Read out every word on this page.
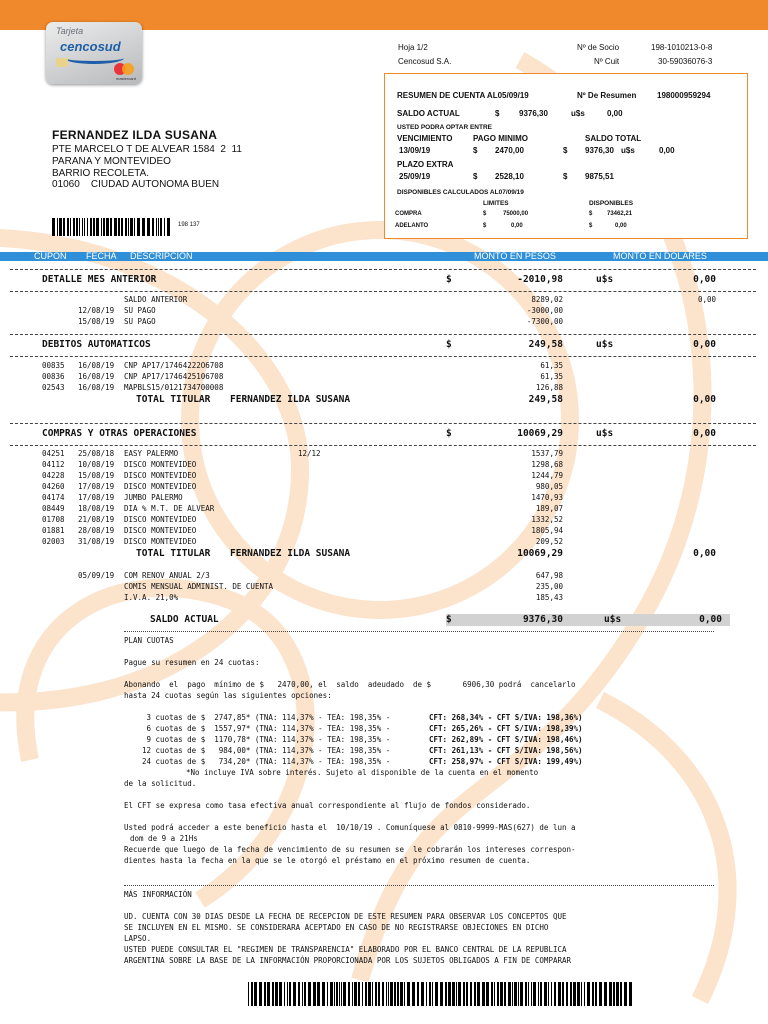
Tarjeta
cencosud
mastercard
Hoja 1/2
Cencosud S.A.
Nº de Socio	198-1010213-0-8
Nº Cuit	30-59036076-3
FERNANDEZ ILDA SUSANA
PTE MARCELO T DE ALVEAR 1584  2  11
PARANA Y MONTEVIDEO
BARRIO RECOLETA.
01060    CIUDAD AUTONOMA BUEN
198 137
RESUMEN DE CUENTA AL05/09/19	Nº De Resumen	198000959294
SALDO ACTUAL	$ 9376,30	u$s	0,00
USTED PODRA OPTAR ENTRE
VENCIMIENTO	PAGO MINIMO	SALDO TOTAL
13/09/19	$ 2470,00	$ 9376,30 u$s	0,00
PLAZO EXTRA
25/09/19	$ 2528,10	$ 9875,51
DISPONIBLES CALCULADOS AL07/09/19
LIMITES	DISPONIBLES
COMPRA	$	75000,00	$ 73462,21
ADELANTO	$	0,00	$	0,00
CUPON FECHA DESCRIPCION	MONTO EN PESOS	MONTO EN DOLARES
DETALLE MES ANTERIOR	$	-2010,98	u$s	0,00
SALDO ANTERIOR	8289,02	0,00
12/08/19 SU PAGO	-3000,00
15/08/19 SU PAGO	-7300,00
DEBITOS AUTOMATICOS	$	249,58	u$s	0,00
00835 16/08/19 CNP AP17/17464222O6708	61,35
00836 16/08/19 CNP AP17/1746425106708	61,35
02543 16/08/19 MAPBLS15/0121734700008	126,88
TOTAL TITULAR FERNANDEZ ILDA SUSANA	249,58	0,00
COMPRAS Y OTRAS OPERACIONES	$	10069,29	u$s	0,00
04251 25/08/18 EASY PALERMO	12/12	1537,79
04112 10/08/19 DISCO MONTEVIDEO	1298,68
04228 15/08/19 DISCO MONTEVIDEO	1244,79
04260 17/08/19 DISCO MONTEVIDEO	980,05
04174 17/08/19 JUMBO PALERMO	1470,93
08449 18/08/19 DIA % M.T. DE ALVEAR	189,07
01708 21/08/19 DISCO MONTEVIDEO	1332,52
01881 28/08/19 DISCO MONTEVIDEO	1805,94
02003 31/08/19 DISCO MONTEVIDEO	209,52
TOTAL TITULAR FERNANDEZ ILDA SUSANA	10069,29	0,00
05/09/19 COM RENOV ANUAL 2/3	647,98
COMIS MENSUAL ADMINIST. DE CUENTA	235,00
I.V.A. 21,0%	185,43
SALDO ACTUAL	$	9376,30	u$s	0,00
PLAN CUOTAS
Pague su resumen en 24 cuotas:
Abonando  el  pago  mínimo de $   2470,00, el  saldo  adeudado  de $       6906,30 podrá  cancelarlo
hasta 24 cuotas según las siguientes opciones:
3 cuotas de $  2747,85* (TNA: 114,37% - TEA: 198,35% -	CFT: 268,34% - CFT S/IVA: 198,36%)
6 cuotas de $  1557,97* (TNA: 114,37% - TEA: 198,35% -	CFT: 265,26% - CFT S/IVA: 198,39%)
9 cuotas de $  1170,78* (TNA: 114,37% - TEA: 198,35% -	CFT: 262,89% - CFT S/IVA: 198,46%)
12 cuotas de $   984,00* (TNA: 114,37% - TEA: 198,35% -	CFT: 261,13% - CFT S/IVA: 198,56%)
24 cuotas de $   734,20* (TNA: 114,37% - TEA: 198,35% -	CFT: 258,97% - CFT S/IVA: 199,49%)
*No incluye IVA sobre interés. Sujeto al disponible de la cuenta en el momento
de la solicitud.
El CFT se expresa como tasa efectiva anual correspondiente al flujo de fondos considerado.
Usted podrá acceder a este beneficio hasta el  10/10/19 . Comuníquese al 0810-9999-MAS(627) de lun a
dom de 9 a 21Hs
Recuerde que luego de la fecha de vencimiento de su resumen se  le cobrarán los intereses correspon-
dientes hasta la fecha en la que se le otorgó el préstamo en el próximo resumen de cuenta.
MÁS INFORMACIÓN
UD. CUENTA CON 30 DIAS DESDE LA FECHA DE RECEPCION DE ESTE RESUMEN PARA OBSERVAR LOS CONCEPTOS QUE
SE INCLUYEN EN EL MISMO. SE CONSIDERARA ACEPTADO EN CASO DE NO REGISTRARSE OBJECIONES EN DICHO
LAPSO.
USTED PUEDE CONSULTAR EL "REGIMEN DE TRANSPARENCIA" ELABORADO POR EL BANCO CENTRAL DE LA REPUBLICA
ARGENTINA SOBRE LA BASE DE LA INFORMACIÓN PROPORCIONADA POR LOS SUJETOS OBLIGADOS A FIN DE COMPARAR
